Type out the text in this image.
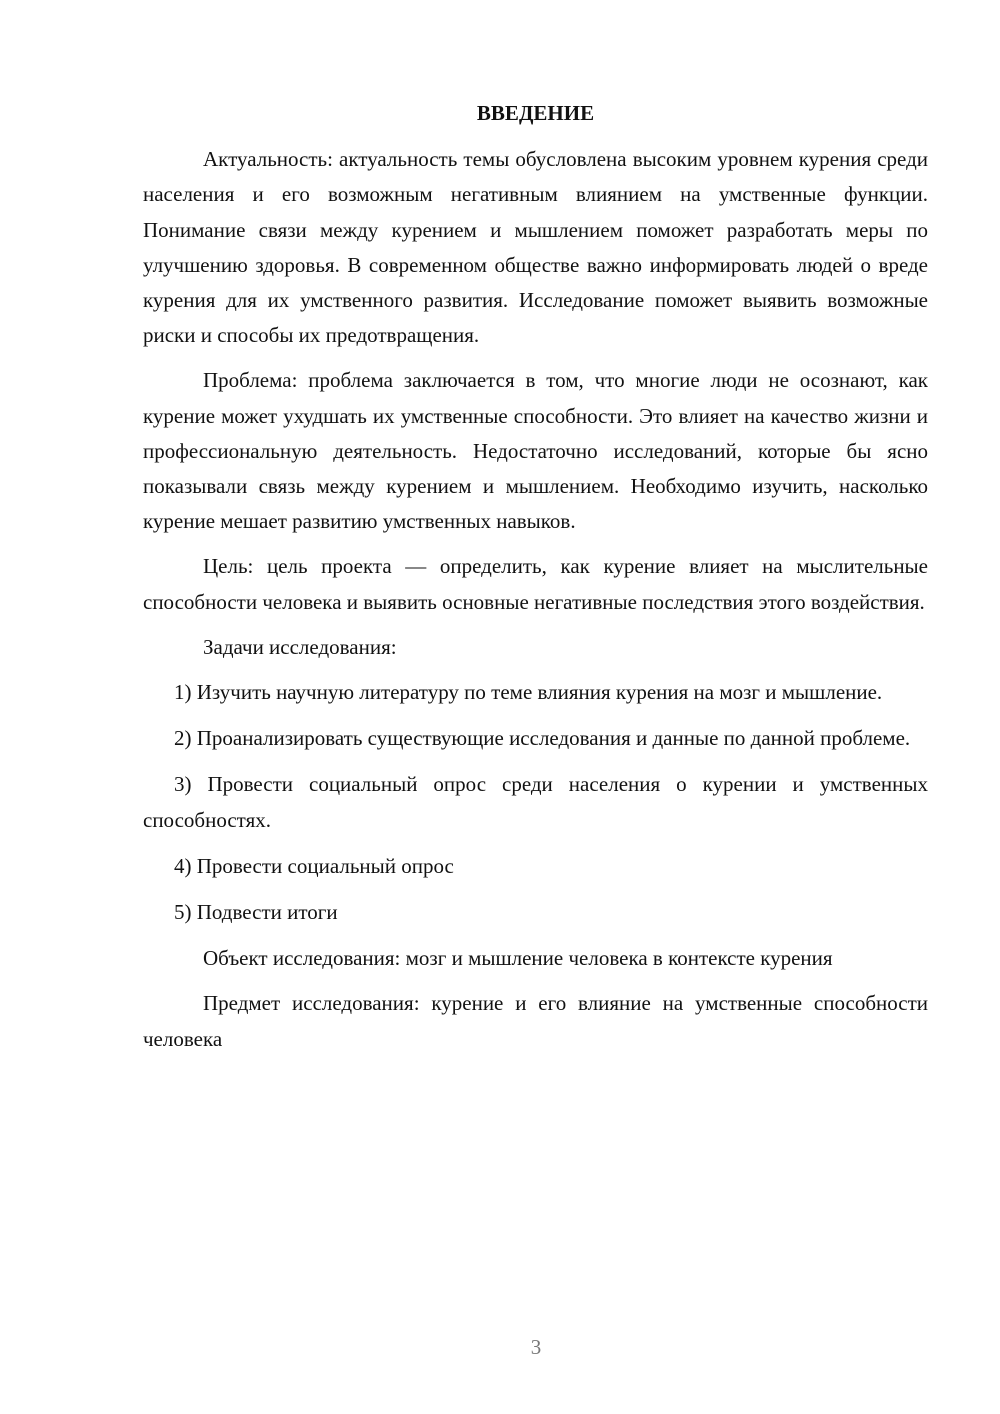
ВВЕДЕНИЕ

Актуальность: актуальность темы обусловлена высоким уровнем курения среди населения и его возможным негативным влиянием на умственные функции. Понимание связи между курением и мышлением поможет разработать меры по улучшению здоровья. В современном обществе важно информировать людей о вреде курения для их умственного развития. Исследование поможет выявить возможные риски и способы их предотвращения.

Проблема: проблема заключается в том, что многие люди не осознают, как курение может ухудшать их умственные способности. Это влияет на качество жизни и профессиональную деятельность. Недостаточно исследований, которые бы ясно показывали связь между курением и мышлением. Необходимо изучить, насколько курение мешает развитию умственных навыков.

Цель: цель проекта — определить, как курение влияет на мыслительные способности человека и выявить основные негативные последствия этого воздействия.

Задачи исследования:

1) Изучить научную литературу по теме влияния курения на мозг и мышление.

2) Проанализировать существующие исследования и данные по данной проблеме.

3) Провести социальный опрос среди населения о курении и умственных способностях.

4) Провести социальный опрос

5) Подвести итоги

Объект исследования: мозг и мышление человека в контексте курения

Предмет исследования: курение и его влияние на умственные способности человека

3
